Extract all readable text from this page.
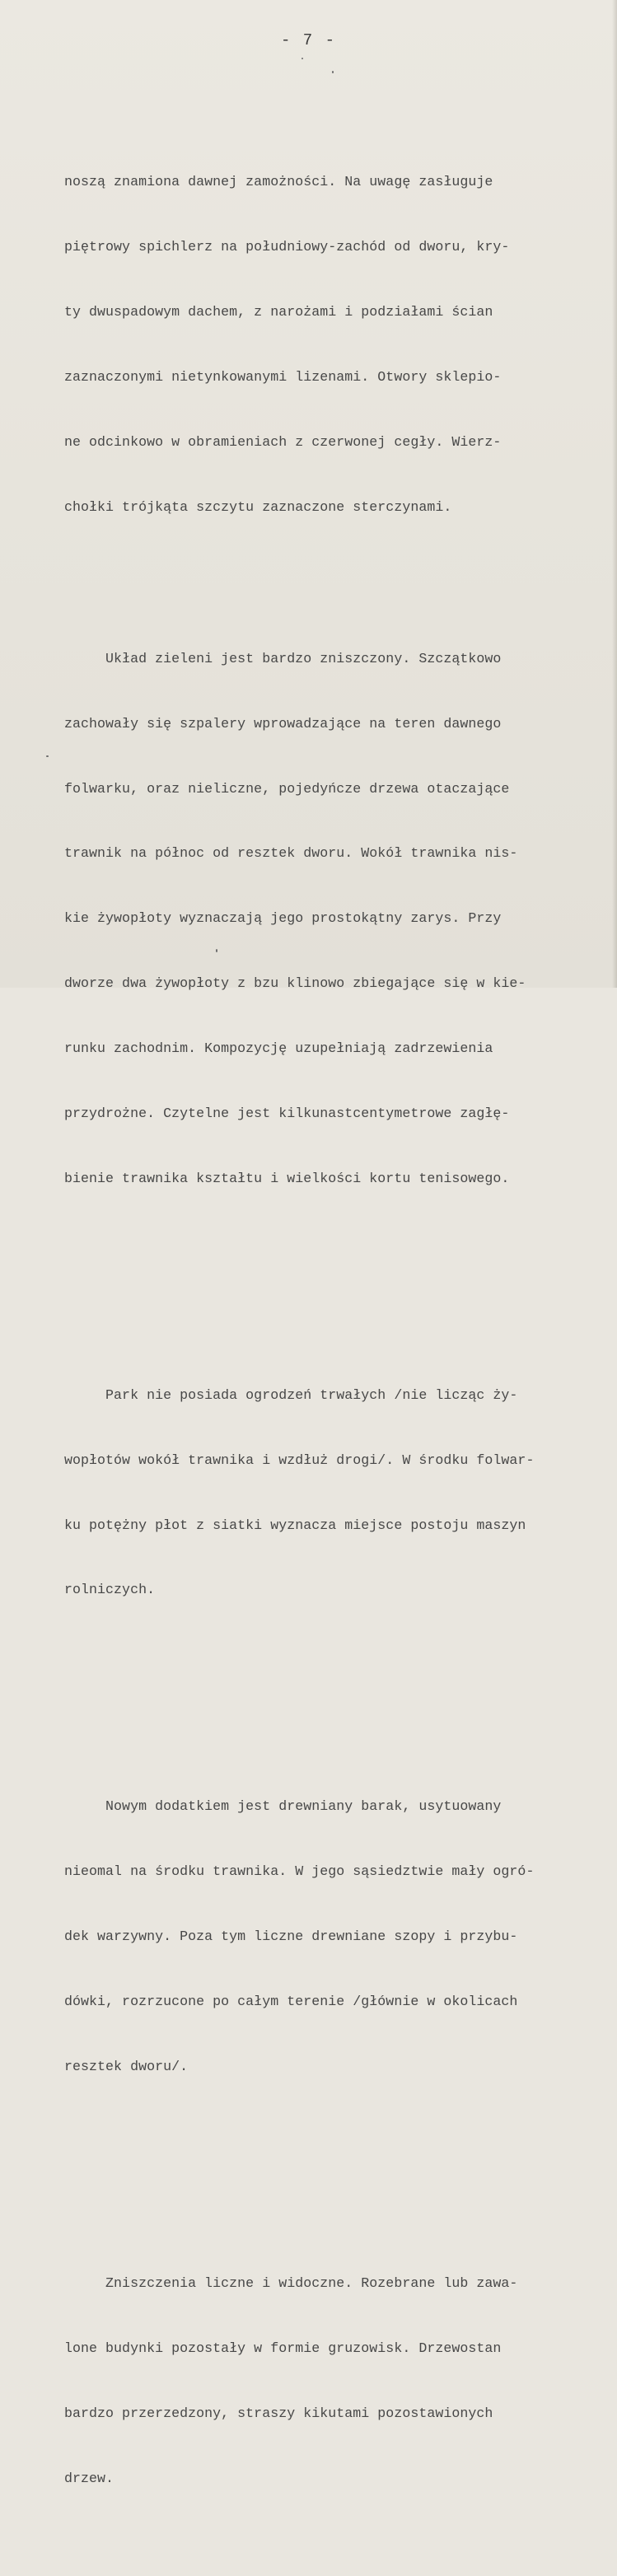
- 7 -

noszą znamiona dawnej zamożności. Na uwagę zasługuje

piętrowy spichlerz na południowy-zachód od dworu, kry-

ty dwuspadowym dachem, z narożami i podziałami ścian

zaznaczonymi nietynkowanymi lizenami. Otwory sklepio-

ne odcinkowo w obramieniach z czerwonej cegły. Wierz-

chołki trójkąta szczytu zaznaczone sterczynami.

Układ zieleni jest bardzo zniszczony. Szczątkowo

zachowały się szpalery wprowadzające na teren dawnego

folwarku, oraz nieliczne, pojedyńcze drzewa otaczające

trawnik na północ od resztek dworu. Wokół trawnika nis-

kie żywopłoty wyznaczają jego prostokątny zarys. Przy

dworze dwa żywopłoty z bzu klinowo zbiegające się w kie-

runku zachodnim. Kompozycję uzupełniają zadrzewienia

przydrożne. Czytelne jest kilkunastcentymetrowe zagłę-

bienie trawnika kształtu i wielkości kortu tenisowego.

Park nie posiada ogrodzeń trwałych /nie licząc ży-

wopłotów wokół trawnika i wzdłuż drogi/. W środku folwar-

ku potężny płot z siatki wyznacza miejsce postoju maszyn

rolniczych.

Nowym dodatkiem jest drewniany barak, usytuowany

nieomal na środku trawnika. W jego sąsiedztwie mały ogró-

dek warzywny. Poza tym liczne drewniane szopy i przybu-

dówki, rozrzucone po całym terenie /głównie w okolicach

resztek dworu/.

Zniszczenia liczne i widoczne. Rozebrane lub zawa-

lone budynki pozostały w formie gruzowisk. Drzewostan

bardzo przerzedzony, straszy kikutami pozostawionych

drzew.
